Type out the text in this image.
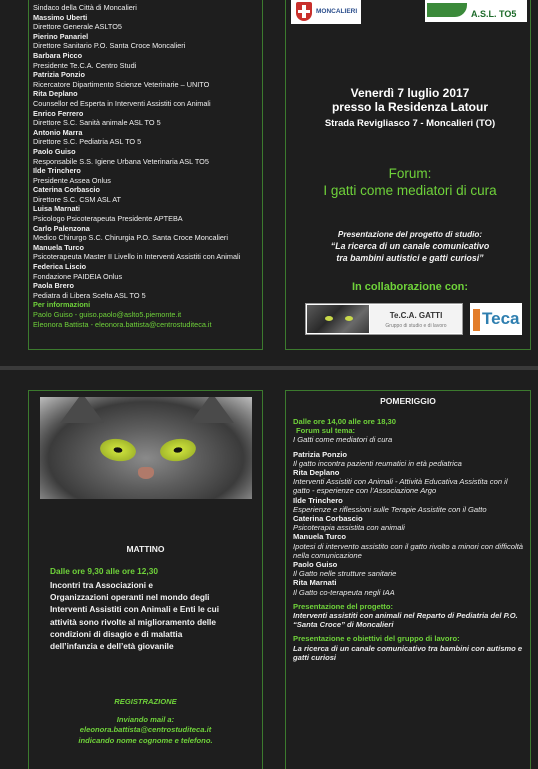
Sindaco della Città di Moncalieri
Massimo Uberti
Direttore Generale ASLTO5
Pierino Panariel
Direttore Sanitario P.O. Santa Croce Moncalieri
Barbara Picco
Presidente Te.C.A. Centro Studi
Patrizia Ponzio
Ricercatore Dipartimento Scienze Veterinarie – UNITO
Rita Deplano
Counsellor ed Esperta in Interventi Assistiti con Animali
Enrico Ferrero
Direttore S.C. Sanità animale ASL TO 5
Antonio Marra
Direttore S.C. Pediatria ASL TO 5
Paolo Guiso
Responsabile S.S. Igiene Urbana Veterinaria ASL TO5
Ilde Trinchero
Presidente Assea Onlus
Caterina Corbascio
Direttore S.C. CSM ASL AT
Luisa Marnati
Psicologo Psicoterapeuta Presidente APTEBA
Carlo Palenzona
Medico Chirurgo S.C. Chirurgia P.O. Santa Croce Moncalieri
Manuela Turco
Psicoterapeuta Master II Livello in Interventi Assistiti con Animali
Federica Liscio
Fondazione PAIDEIA Onlus
Paola Brero
Pediatra di Libera Scelta ASL TO 5
Per informazioni
Paolo Guiso - guiso.paolo@aslto5.piemonte.it
Eleonora Battista - eleonora.battista@centrostuditeca.it
MONCALIERI	A.S.L. TO5
Venerdì 7 luglio 2017
presso la Residenza Latour
Strada Revigliasco 7 - Moncalieri (TO)
Forum:
I gatti come mediatori di cura
Presentazione del progetto di studio:
“La ricerca di un canale comunicativo
tra bambini autistici e gatti curiosi”
In collaborazione con:
Te.C.A. GATTI
Gruppo di studio e di lavoro	Teca
MATTINO
Dalle ore 9,30 alle ore 12,30
Incontri tra Associazioni e
Organizzazioni operanti nel mondo degli
Interventi Assistiti con Animali e Enti le cui
attività sono rivolte al miglioramento delle
condizioni di disagio e di malattia
dell’infanzia e dell’età giovanile
REGISTRAZIONE
Inviando mail a:
eleonora.battista@centrostuditeca.it
indicando nome cognome e telefono.
POMERIGGIO
Dalle ore 14,00 alle ore 18,30
Forum sul tema:
I Gatti come mediatori di cura
Patrizia Ponzio
Il gatto incontra pazienti reumatici in età pediatrica
Rita Deplano
Interventi Assistiti con Animali - Attività Educativa Assistita con il gatto - esperienze con l’Associazione Argo
Ilde Trinchero
Esperienze e riflessioni sulle Terapie Assistite con il Gatto
Caterina Corbascio
Psicoterapia assistita con animali
Manuela Turco
Ipotesi di intervento assistito con il gatto rivolto a minori con difficoltà nella comunicazione
Paolo Guiso
Il Gatto nelle strutture sanitarie
Rita Marnati
Il Gatto co-terapeuta negli IAA
Presentazione del progetto:
Interventi assistiti con animali nel Reparto di Pediatria del P.O. “Santa Croce” di Moncalieri
Presentazione e obiettivi del gruppo di lavoro:
La ricerca di un canale comunicativo tra bambini con autismo e gatti curiosi
